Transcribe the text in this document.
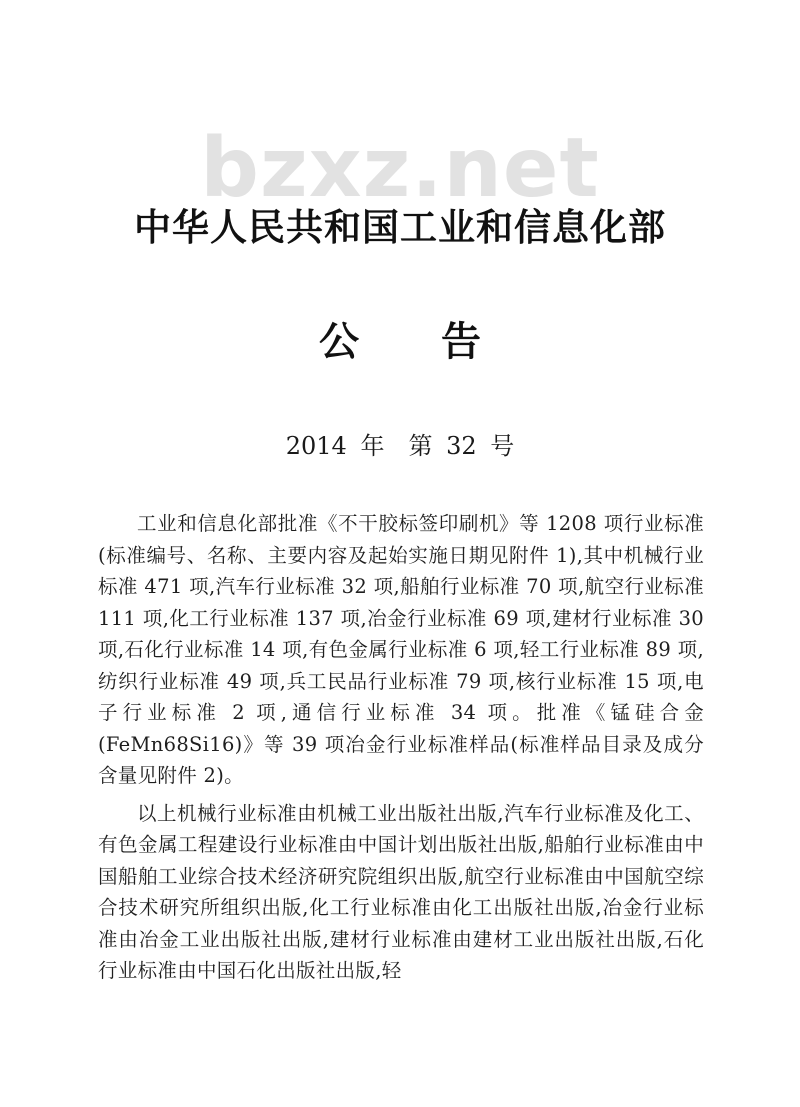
bzxz.net
中华人民共和国工业和信息化部
公 告
2014 年　第 32 号

工业和信息化部批准《不干胶标签印刷机》等 1208 项行业标准(标准编号、名称、主要内容及起始实施日期见附件 1),其中机械行业标准 471 项,汽车行业标准 32 项,船舶行业标准 70 项,航空行业标准 111 项,化工行业标准 137 项,冶金行业标准 69 项,建材行业标准 30 项,石化行业标准 14 项,有色金属行业标准 6 项,轻工行业标准 89 项,纺织行业标准 49 项,兵工民品行业标准 79 项,核行业标准 15 项,电子行业标准 2 项,通信行业标准 34 项。批准《锰硅合金(FeMn68Si16)》等 39 项冶金行业标准样品(标准样品目录及成分含量见附件 2)。

以上机械行业标准由机械工业出版社出版,汽车行业标准及化工、有色金属工程建设行业标准由中国计划出版社出版,船舶行业标准由中国船舶工业综合技术经济研究院组织出版,航空行业标准由中国航空综合技术研究所组织出版,化工行业标准由化工出版社出版,冶金行业标准由冶金工业出版社出版,建材行业标准由建材工业出版社出版,石化行业标准由中国石化出版社出版,轻
